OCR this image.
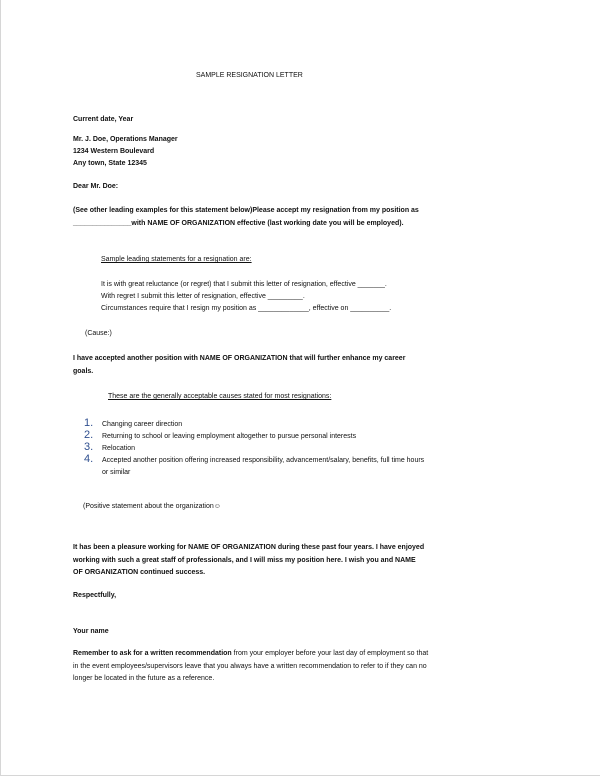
SAMPLE RESIGNATION LETTER
Current date, Year
Mr. J. Doe, Operations Manager
1234 Western Boulevard
Any town, State 12345
Dear Mr. Doe:
(See other leading examples for this statement below)Please accept my resignation from my position as
_______________with NAME OF ORGANIZATION effective (last working date you will be employed).
Sample leading statements for a resignation are:
It is with great reluctance (or regret) that I submit this letter of resignation, effective _______.
With regret I submit this letter of resignation, effective _________.
Circumstances require that I resign my position as _____________, effective on __________.
(Cause:)
I have accepted another position with NAME OF ORGANIZATION that will further enhance my career
goals.
These are the generally acceptable causes stated for most resignations:
1. Changing career direction
2. Returning to school or leaving employment altogether to pursue personal interests
3. Relocation
4. Accepted another position offering increased responsibility, advancement/salary, benefits, full time hours
or similar
(Positive statement about the organization☺
It has been a pleasure working for NAME OF ORGANIZATION during these past four years. I have enjoyed
working with such a great staff of professionals, and I will miss my position here. I wish you and NAME
OF ORGANIZATION continued success.
Respectfully,
Your name
Remember to ask for a written recommendation from your employer before your last day of employment so that
in the event employees/supervisors leave that you always have a written recommendation to refer to if they can no
longer be located in the future as a reference.
